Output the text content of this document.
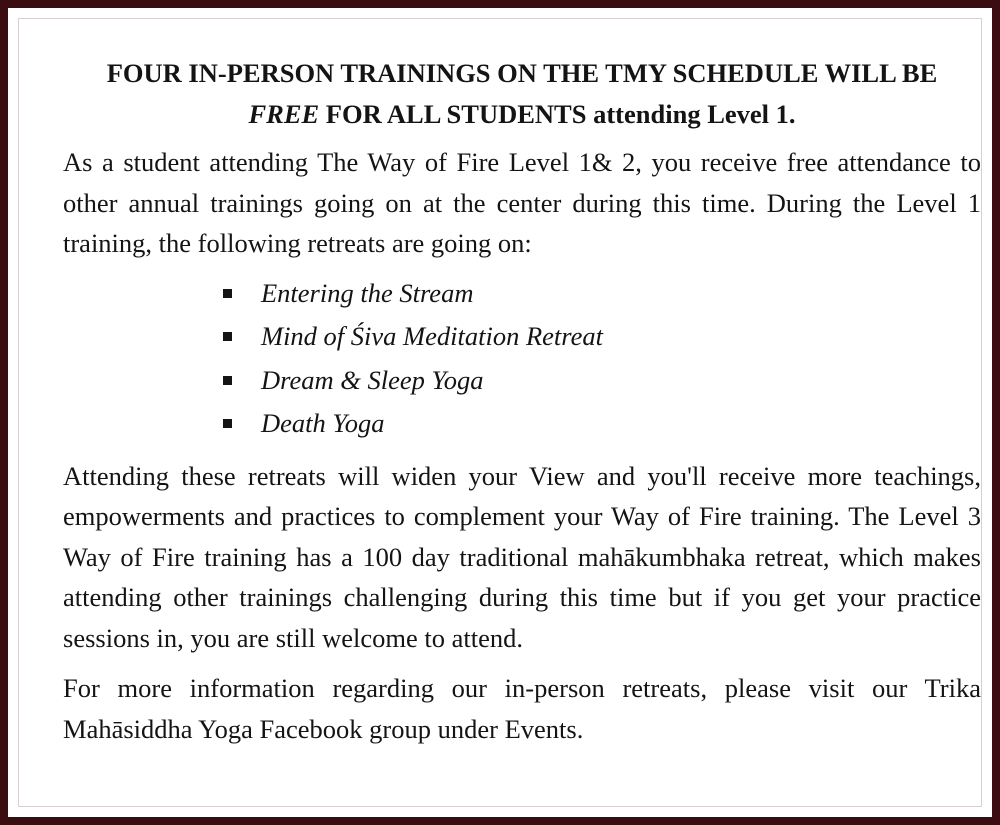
FOUR IN-PERSON TRAININGS ON THE TMY SCHEDULE WILL BE
FREE FOR ALL STUDENTS attending Level 1.

As a student attending The Way of Fire Level 1& 2, you receive free attendance to other annual trainings going on at the center during this time. During the Level 1 training, the following retreats are going on:

Entering the Stream
Mind of Śiva Meditation Retreat
Dream & Sleep Yoga
Death Yoga

Attending these retreats will widen your View and you'll receive more teachings, empowerments and practices to complement your Way of Fire training. The Level 3 Way of Fire training has a 100 day traditional mahākumbhaka retreat, which makes attending other trainings challenging during this time but if you get your practice sessions in, you are still welcome to attend.

For more information regarding our in-person retreats, please visit our Trika Mahāsiddha Yoga Facebook group under Events.
